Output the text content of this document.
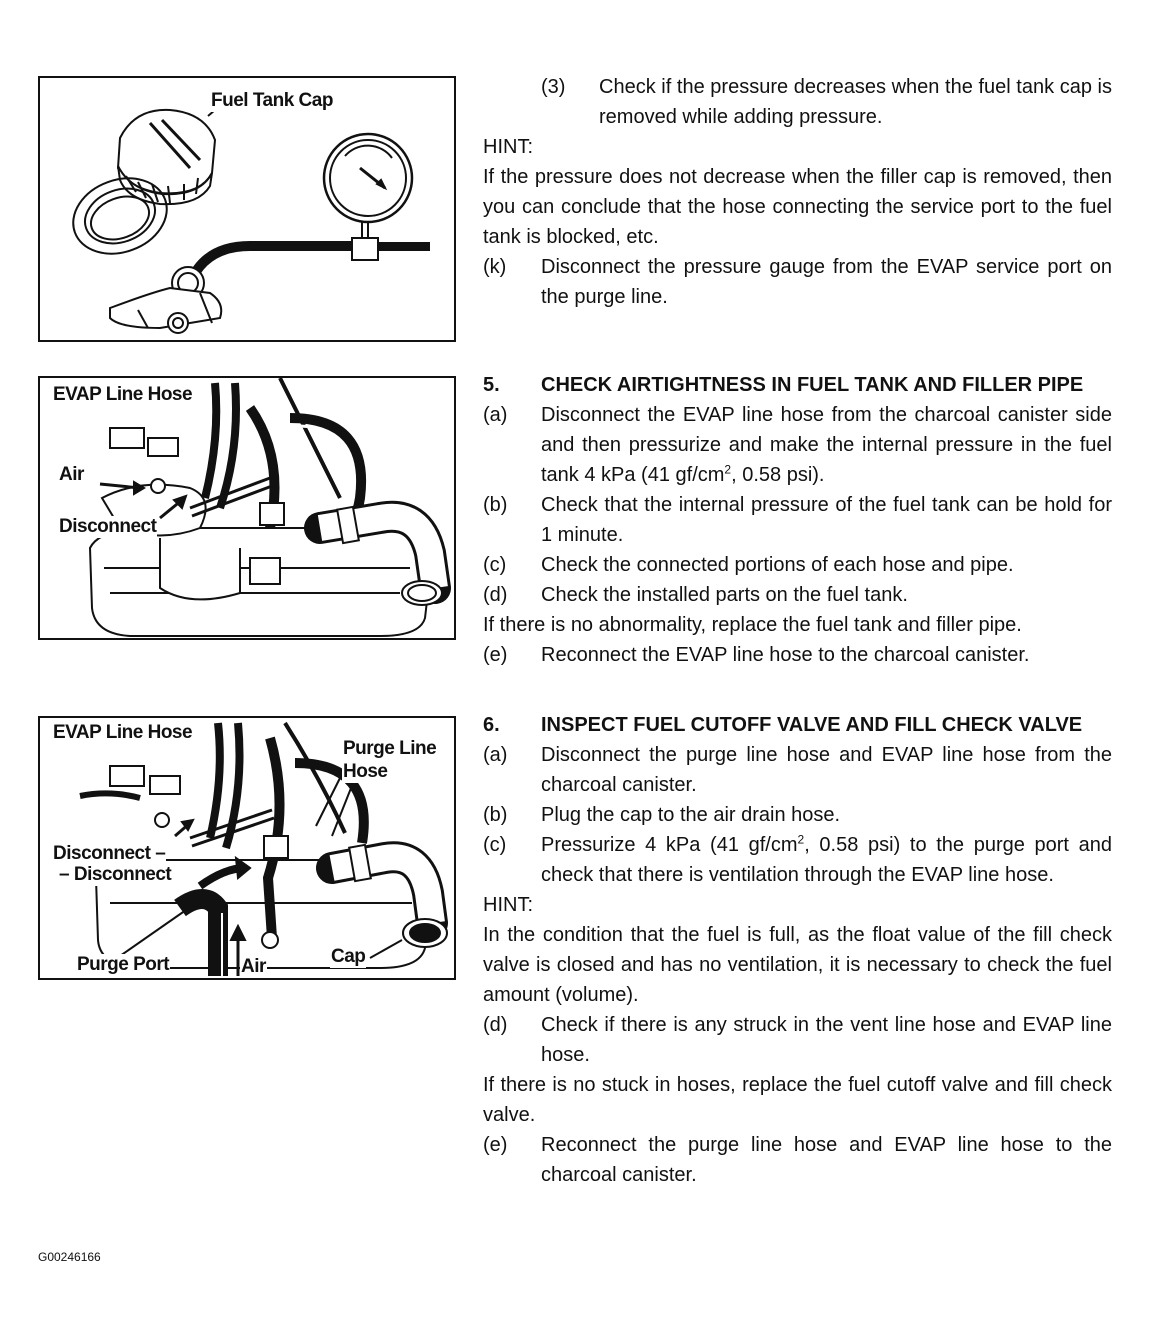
Fuel Tank Cap
EVAP Line Hose
Air
Disconnect
EVAP Line Hose
Purge Line
Hose
Disconnect –
– Disconnect
Purge Port	Air	Cap
G00246166
(3) Check if the pressure decreases when the fuel tank cap is removed while adding pressure.
HINT:
If the pressure does not decrease when the filler cap is removed, then you can conclude that the hose connecting the service port to the fuel tank is blocked, etc.
(k) Disconnect the pressure gauge from the EVAP service port on the purge line.
5. CHECK AIRTIGHTNESS IN FUEL TANK AND FILLER PIPE
(a) Disconnect the EVAP line hose from the charcoal canister side and then pressurize and make the internal pressure in the fuel tank 4 kPa (41 $gf/cm^2$, 0.58 psi).
(b) Check that the internal pressure of the fuel tank can be hold for 1 minute.
(c) Check the connected portions of each hose and pipe.
(d) Check the installed parts on the fuel tank.
If there is no abnormality, replace the fuel tank and filler pipe.
(e) Reconnect the EVAP line hose to the charcoal canister.
6. INSPECT FUEL CUTOFF VALVE AND FILL CHECK VALVE
(a) Disconnect the purge line hose and EVAP line hose from the charcoal canister.
(b) Plug the cap to the air drain hose.
(c) Pressurize 4 kPa (41 $gf/cm^2$, 0.58 psi) to the purge port and check that there is ventilation through the EVAP line hose.
HINT:
In the condition that the fuel is full, as the float value of the fill check valve is closed and has no ventilation, it is necessary to check the fuel amount (volume).
(d) Check if there is any struck in the vent line hose and EVAP line hose.
If there is no stuck in hoses, replace the fuel cutoff valve and fill check valve.
(e) Reconnect the purge line hose and EVAP line hose to the charcoal canister.
